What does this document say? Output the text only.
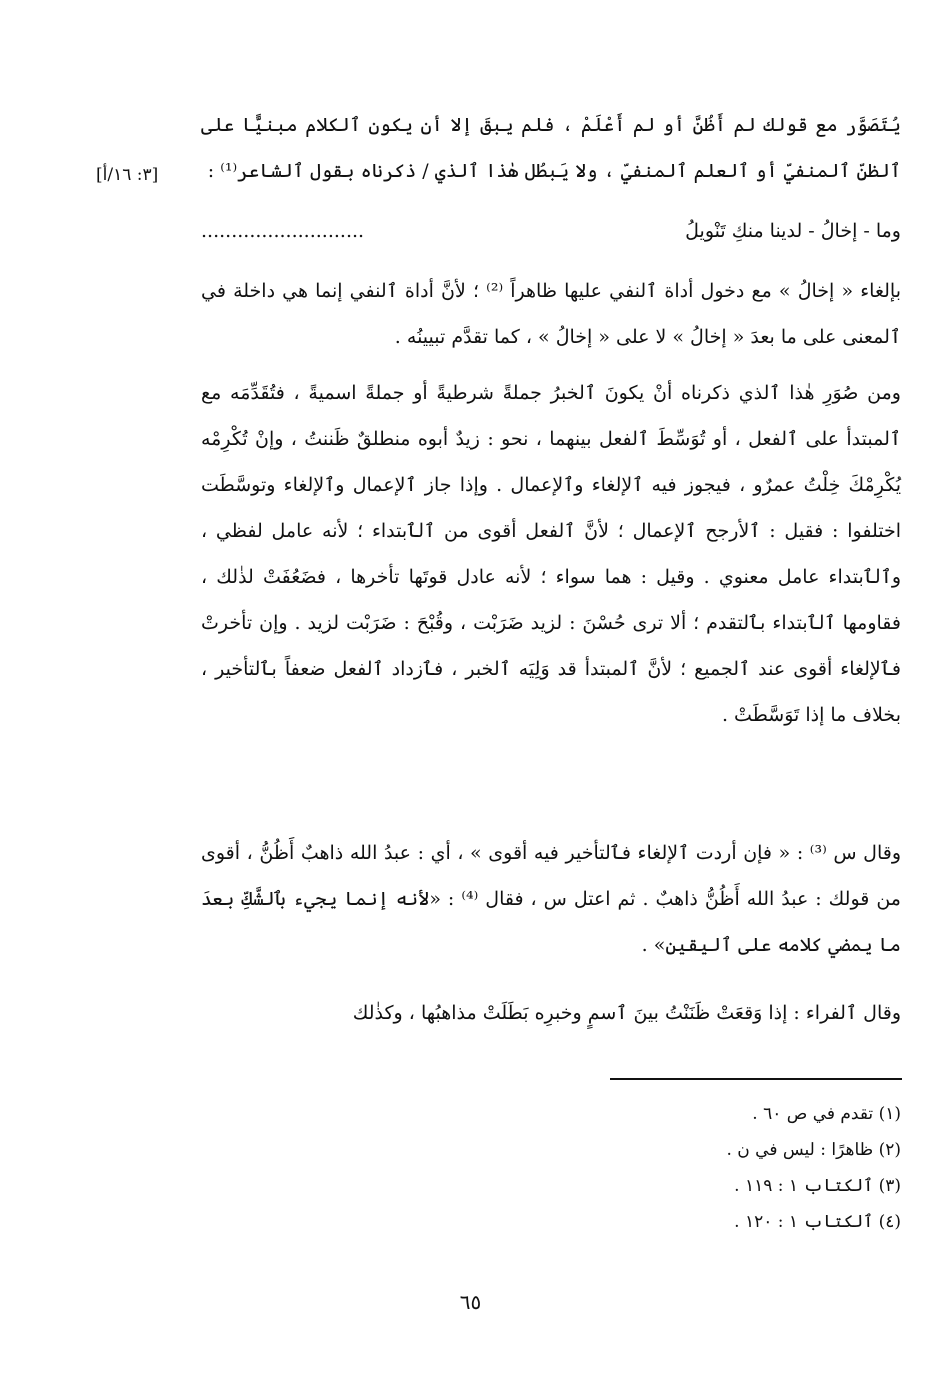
[٣: ١٦/أ]

يُتَصَوَّر مع قولك لم أَظُنَّ أو لم أَعْلَمْ ، فلم يبقَ إلا أن يكون ٱلكلام مبنيًّا على ٱلظنِّ ٱلمنفيِّ أو ٱلعلم ٱلمنفيِّ ، ولا يَبطُل هٰذا ٱلذي / ذكرناه بقول ٱلشاعر⁽¹⁾ :

...........................	وما - إخالُ - لدينا منكِ تَنْويلُ

بإلغاء « إخالُ » مع دخول أداة ٱلنفي عليها ظاهراً ⁽²⁾ ؛ لأنَّ أداة ٱلنفي إنما هي داخلة في ٱلمعنى على ما بعدَ « إخالُ » لا على « إخالُ » ، كما تقدَّم تبيينُه .

ومن صُوَرِ هٰذا ٱلذي ذكرناه أنْ يكونَ ٱلخبرُ جملةً شرطيةً أو جملةً اسميةً ، فتُقَدِّمَه مع ٱلمبتدأ على ٱلفعل ، أو تُوَسِّطَ ٱلفعل بينهما ، نحو : زيدٌ أبوه منطلقٌ ظَننتُ ، وإنْ تُكْرِمْه يُكْرِمْكَ خِلْتُ عمرٌو ، فيجوز فيه ٱلإلغاء وٱلإعمال . وإذا جاز ٱلإعمال وٱلإلغاء وتوسَّطَت اختلفوا : فقيل : ٱلأرجح ٱلإعمال ؛ لأنَّ ٱلفعل أقوى من ٱلٱبتداء ؛ لأنه عامل لفظي ، وٱلٱبتداء عامل معنوي . وقيل : هما سواء ؛ لأنه عادل قوتَها تأخرها ، فضَعُفَتْ لذٰلك ، فقاومها ٱلٱبتداء بٱلتقدم ؛ ألا ترى حُسْنَ : لزيد ضَرَبْت ، وقُبْحَ : ضَرَبْت لزيد . وإن تأخرتْ فٱلإلغاء أقوى عند ٱلجميع ؛ لأنَّ ٱلمبتدأ قد وَلِيَه ٱلخبر ، فٱزداد ٱلفعل ضعفاً بٱلتأخير ، بخلاف ما إذا تَوَسَّطَتْ .

وقال س ⁽³⁾ : « فإن أردت ٱلإلغاء فٱلتأخير فيه أقوى » ، أي : عبدُ الله ذاهبٌ أَظُنُّ ، أقوى من قولك : عبدُ الله أَظُنُّ ذاهبٌ . ثم اعتل س ، فقال ⁽⁴⁾ : «لأنه إنما يجيء بٱلشَّكِّ بعدَ ما يمضي كلامه على ٱليقين» .

وقال ٱلفراء : إذا وَقعَتْ ظَنَنْتُ بينَ ٱسمٍ وخبرِه بَطَلَتْ مذاهبُها ، وكذٰلك

(١) تقدم في ص ٦٠ .
(٢) ظاهرًا : ليس في ن .
(٣) ٱلكتاب ١ : ١١٩ .
(٤) ٱلكتاب ١ : ١٢٠ .
٦٥
